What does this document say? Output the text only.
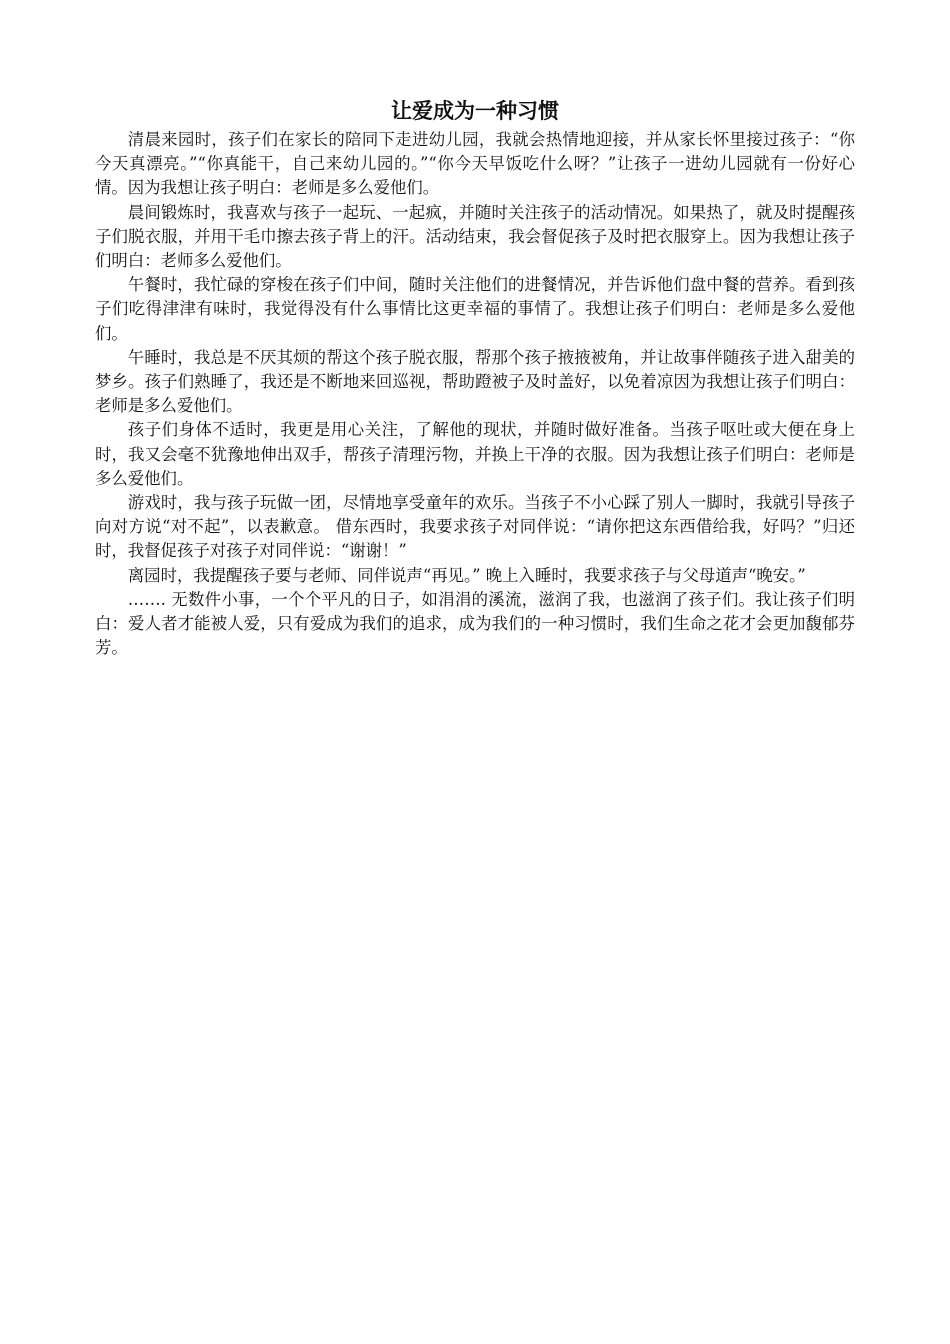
让爱成为一种习惯

清晨来园时，孩子们在家长的陪同下走进幼儿园，我就会热情地迎接，并从家长怀里接过孩子：“你今天真漂亮。”“你真能干，自己来幼儿园的。”“你今天早饭吃什么呀？”让孩子一进幼儿园就有一份好心情。因为我想让孩子明白：老师是多么爱他们。

晨间锻炼时，我喜欢与孩子一起玩、一起疯，并随时关注孩子的活动情况。如果热了，就及时提醒孩子们脱衣服，并用干毛巾擦去孩子背上的汗。活动结束，我会督促孩子及时把衣服穿上。因为我想让孩子们明白：老师多么爱他们。

午餐时，我忙碌的穿梭在孩子们中间，随时关注他们的进餐情况，并告诉他们盘中餐的营养。看到孩子们吃得津津有味时，我觉得没有什么事情比这更幸福的事情了。我想让孩子们明白：老师是多么爱他们。

午睡时，我总是不厌其烦的帮这个孩子脱衣服，帮那个孩子掖掖被角，并让故事伴随孩子进入甜美的梦乡。孩子们熟睡了，我还是不断地来回巡视，帮助蹬被子及时盖好，以免着凉因为我想让孩子们明白：老师是多么爱他们。

孩子们身体不适时，我更是用心关注，了解他的现状，并随时做好准备。当孩子呕吐或大便在身上时，我又会毫不犹豫地伸出双手，帮孩子清理污物，并换上干净的衣服。因为我想让孩子们明白：老师是多么爱他们。

游戏时，我与孩子玩做一团，尽情地享受童年的欢乐。当孩子不小心踩了别人一脚时，我就引导孩子向对方说“对不起”，以表歉意。 借东西时，我要求孩子对同伴说：“请你把这东西借给我，好吗？”归还时，我督促孩子对孩子对同伴说：“谢谢！”

离园时，我提醒孩子要与老师、同伴说声“再见。” 晚上入睡时，我要求孩子与父母道声“晚安。”

……. 无数件小事，一个个平凡的日子，如涓涓的溪流，滋润了我，也滋润了孩子们。我让孩子们明白：爱人者才能被人爱，只有爱成为我们的追求，成为我们的一种习惯时，我们生命之花才会更加馥郁芬芳。
